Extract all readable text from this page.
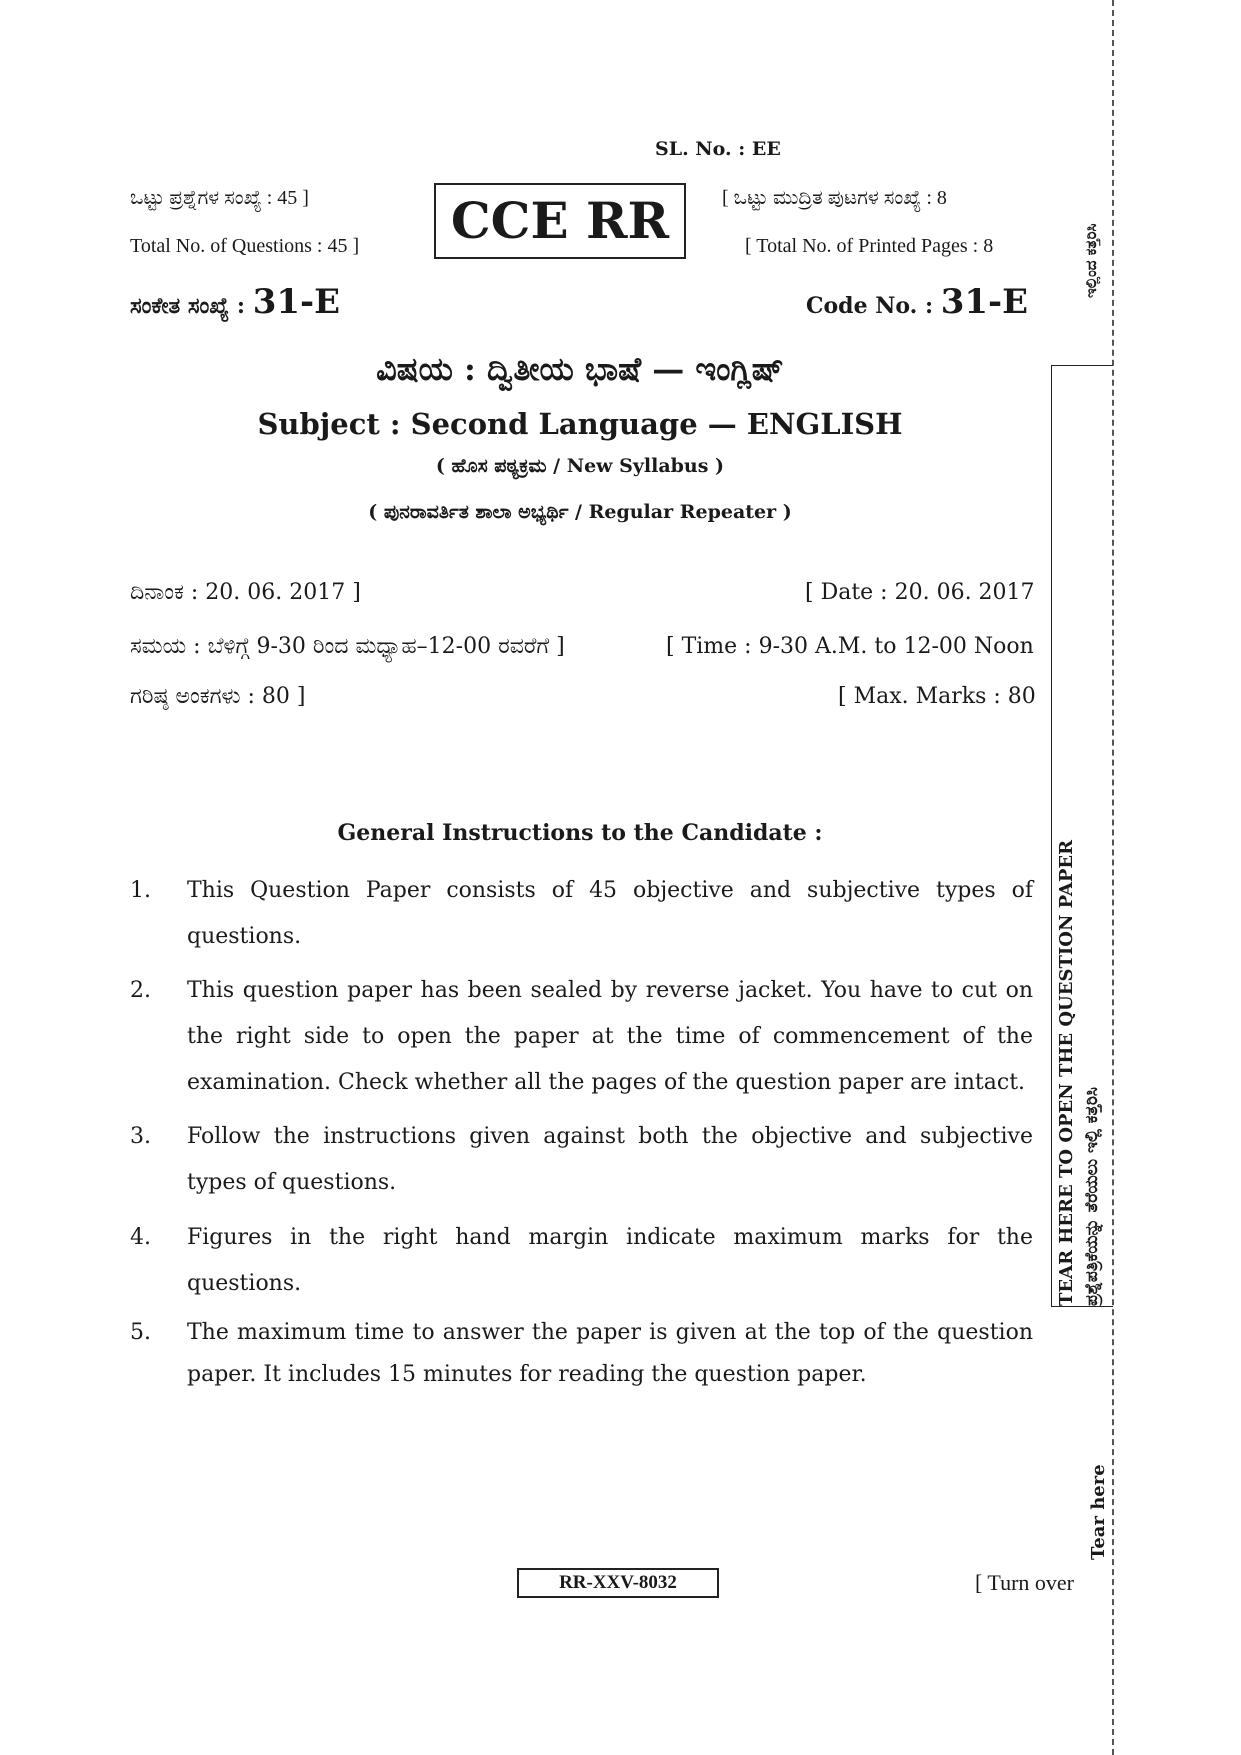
SL. No. : EE
ಒಟ್ಟು ಪ್ರಶ್ನೆಗಳ ಸಂಖ್ಯೆ : 45 ]
Total No. of Questions : 45 ]	CCE RR	[ ಒಟ್ಟು ಮುದ್ರಿತ ಪುಟಗಳ ಸಂಖ್ಯೆ : 8
[ Total No. of Printed Pages : 8
ಸಂಕೇತ ಸಂಖ್ಯೆ : 31-E	Code No. : 31-E
ವಿಷಯ : ದ್ವಿತೀಯ ಭಾಷೆ — ಇಂಗ್ಲಿಷ್
Subject : Second Language — ENGLISH
( ಹೊಸ ಪಠ್ಯಕ್ರಮ / New Syllabus )
( ಪುನರಾವರ್ತಿತ ಶಾಲಾ ಅಭ್ಯರ್ಥಿ / Regular Repeater )
ದಿನಾಂಕ : 20. 06. 2017 ]	[ Date : 20. 06. 2017
ಸಮಯ : ಬೆಳಿಗ್ಗೆ 9-30 ರಿಂದ ಮಧ್ಯಾಹ–12-00 ರವರೆಗೆ ]	[ Time : 9-30 A.M. to 12-00 Noon
ಗರಿಷ್ಠ ಅಂಕಗಳು : 80 ]	[ Max. Marks : 80
General Instructions to the Candidate :
1. This Question Paper consists of 45 objective and subjective types of questions.
2. This question paper has been sealed by reverse jacket. You have to cut on the right side to open the paper at the time of commencement of the examination. Check whether all the pages of the question paper are intact.
3. Follow the instructions given against both the objective and subjective types of questions.
4. Figures in the right hand margin indicate maximum marks for the questions.
5. The maximum time to answer the paper is given at the top of the question paper. It includes 15 minutes for reading the question paper.
ಇಲ್ಲಿಂದ ಕತ್ತರಿಸಿ
TEAR HERE TO OPEN THE QUESTION PAPER ಪ್ರಶ್ನೆಪತ್ರಿಕೆಯನ್ನು ತೆರೆಯಲು ಇಲ್ಲಿ ಕತ್ತರಿಸಿ
Tear here
RR-XXV-8032	[ Turn over
